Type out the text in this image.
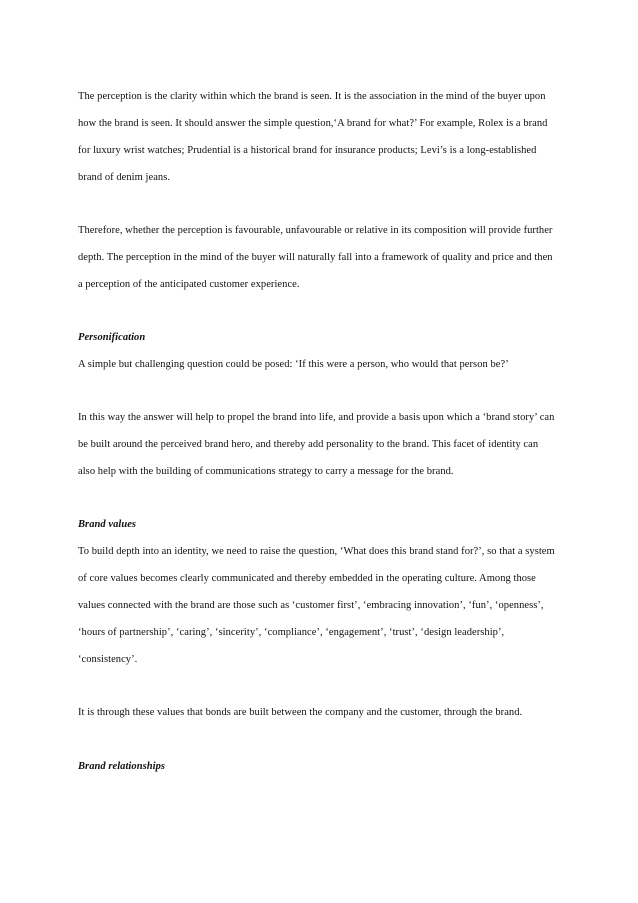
The perception is the clarity within which the brand is seen. It is the association in the mind of the buyer upon
how the brand is seen. It should answer the simple question,‘A brand for what?’ For example, Rolex is a brand
for luxury wrist watches; Prudential is a historical brand for insurance products; Levi’s is a long-established
brand of denim jeans.
Therefore, whether the perception is favourable, unfavourable or relative in its composition will provide further
depth. The perception in the mind of the buyer will naturally fall into a framework of quality and price and then
a perception of the anticipated customer experience.
Personification
A simple but challenging question could be posed: ‘If this were a person, who would that person be?’
In this way the answer will help to propel the brand into life, and provide a basis upon which a ‘brand story’ can
be built around the perceived brand hero, and thereby add personality to the brand. This facet of identity can
also help with the building of communications strategy to carry a message for the brand.
Brand values
To build depth into an identity, we need to raise the question, ‘What does this brand stand for?’, so that a system
of core values becomes clearly communicated and thereby embedded in the operating culture. Among those
values connected with the brand are those such as ‘customer first’, ‘embracing innovation’, ‘fun’, ‘openness’,
‘hours of partnership’, ‘caring’, ‘sincerity’, ‘compliance’, ‘engagement’, ‘trust’, ‘design leadership’,
‘consistency’.
It is through these values that bonds are built between the company and the customer, through the brand.
Brand relationships
